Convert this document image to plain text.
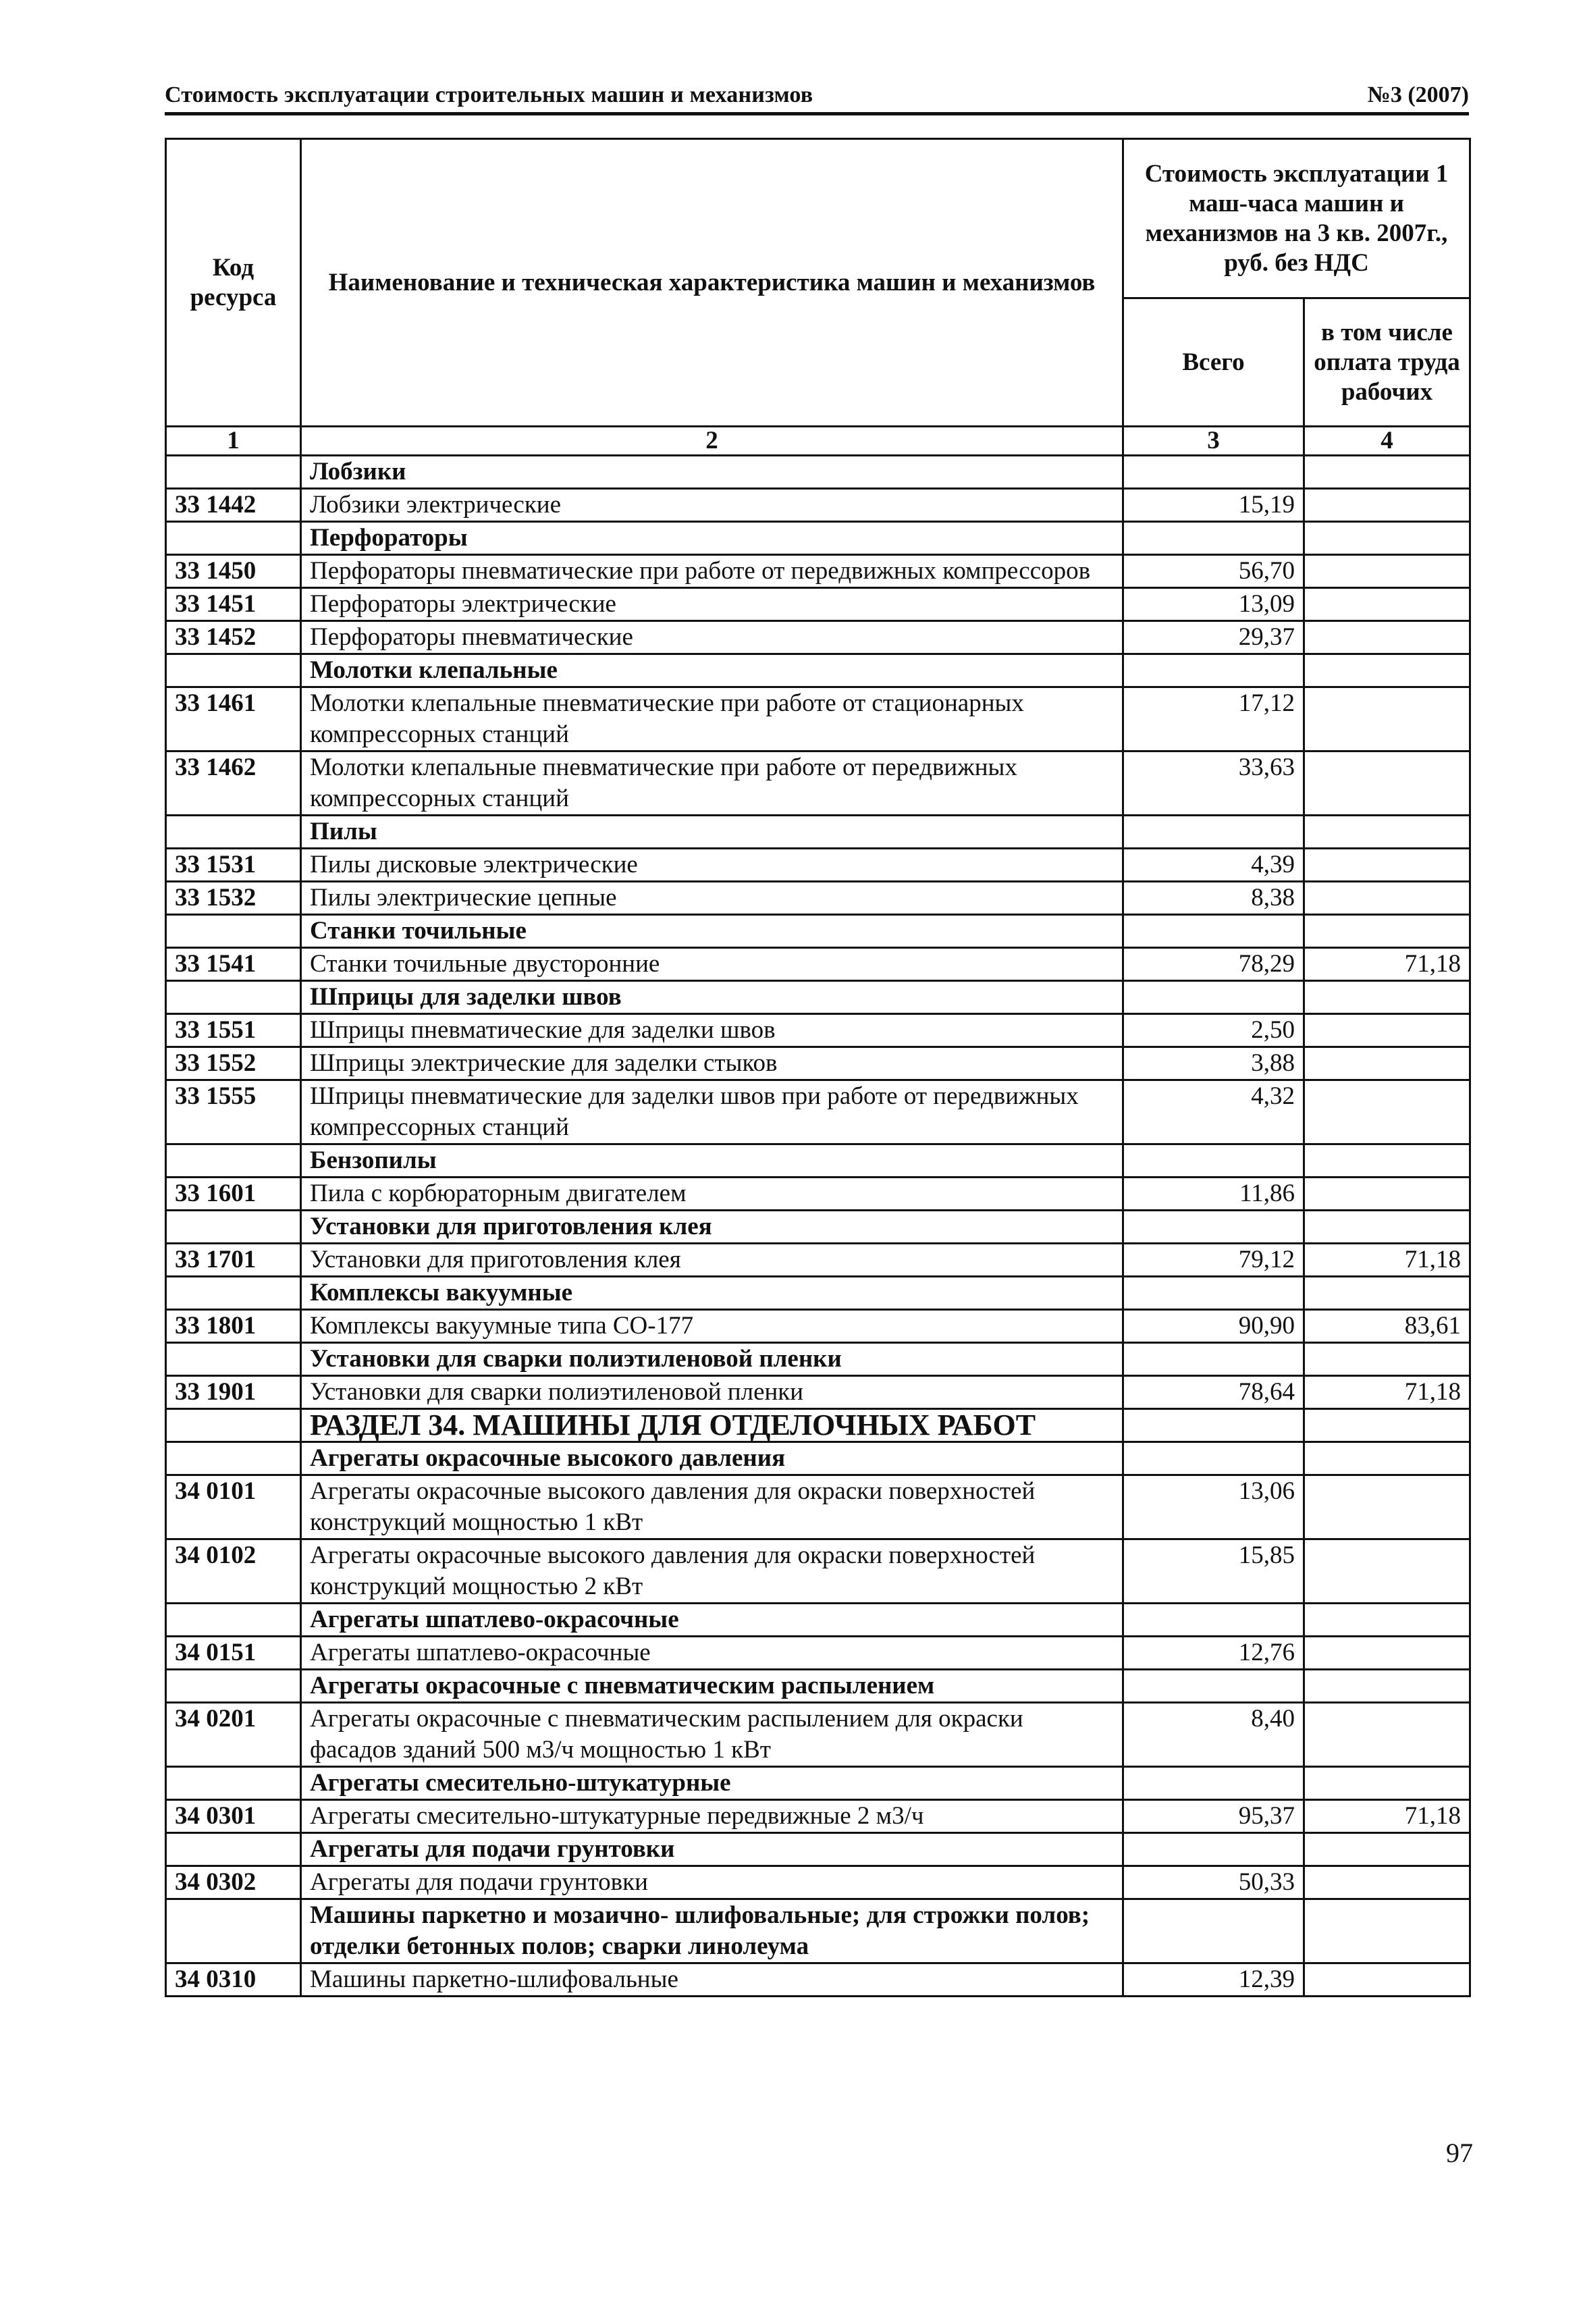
Стоимость эксплуатации строительных машин и механизмов	№3 (2007)
Код ресурса	Наименование и техническая характеристика машин и механизмов	Стоимость эксплуатации 1 маш-часа машин и механизмов на 3 кв. 2007г., руб. без НДС	
		Всего	в том числе оплата труда рабочих
1	2	3	4
	Лобзики		
33 1442	Лобзики электрические	15,19	
	Перфораторы		
33 1450	Перфораторы пневматические при работе от передвижных компрессоров	56,70	
33 1451	Перфораторы электрические	13,09	
33 1452	Перфораторы пневматические	29,37	
	Молотки клепальные		
33 1461	Молотки клепальные пневматические при работе от стационарных компрессорных станций	17,12	
33 1462	Молотки клепальные пневматические при работе от передвижных компрессорных станций	33,63	
	Пилы		
33 1531	Пилы дисковые электрические	4,39	
33 1532	Пилы электрические цепные	8,38	
	Станки точильные		
33 1541	Станки точильные двусторонние	78,29	71,18
	Шприцы для заделки швов		
33 1551	Шприцы пневматические для заделки швов	2,50	
33 1552	Шприцы электрические для заделки стыков	3,88	
33 1555	Шприцы пневматические для заделки швов при работе от передвижных компрессорных станций	4,32	
	Бензопилы		
33 1601	Пила с корбюраторным двигателем	11,86	
	Установки для приготовления клея		
33 1701	Установки для приготовления клея	79,12	71,18
	Комплексы вакуумные		
33 1801	Комплексы вакуумные типа СО-177	90,90	83,61
	Установки для сварки полиэтиленовой пленки		
33 1901	Установки для сварки полиэтиленовой пленки	78,64	71,18
	РАЗДЕЛ 34. МАШИНЫ ДЛЯ ОТДЕЛОЧНЫХ РАБОТ		
	Агрегаты окрасочные высокого давления		
34 0101	Агрегаты окрасочные высокого давления для окраски поверхностей конструкций мощностью 1 кВт	13,06	
34 0102	Агрегаты окрасочные высокого давления для окраски поверхностей конструкций мощностью 2 кВт	15,85	
	Агрегаты шпатлево-окрасочные		
34 0151	Агрегаты шпатлево-окрасочные	12,76	
	Агрегаты окрасочные с пневматическим распылением		
34 0201	Агрегаты окрасочные с пневматическим распылением для окраски фасадов зданий 500 м3/ч мощностью 1 кВт	8,40	
	Агрегаты смесительно-штукатурные		
34 0301	Агрегаты смесительно-штукатурные передвижные 2 м3/ч	95,37	71,18
	Агрегаты для подачи грунтовки		
34 0302	Агрегаты для подачи грунтовки	50,33	
	Машины паркетно и мозаично- шлифовальные; для строжки полов; отделки бетонных полов; сварки линолеума		
34 0310	Машины паркетно-шлифовальные	12,39	
97
